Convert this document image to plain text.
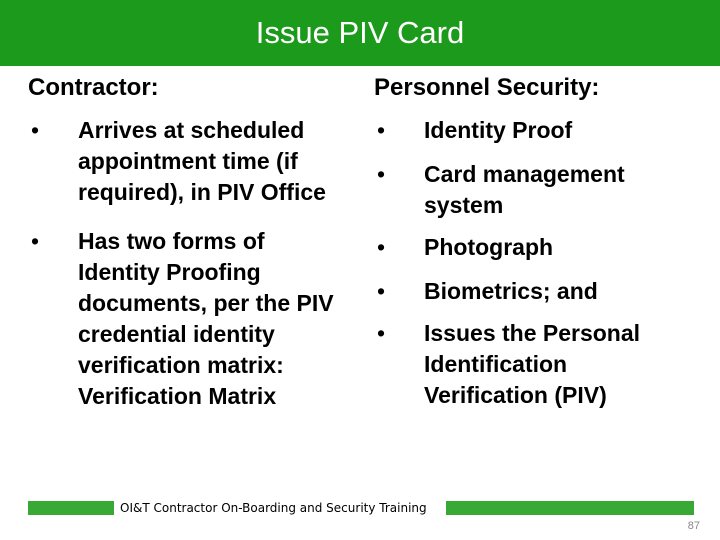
Issue PIV Card

Contractor:

• Arrives at scheduled appointment time (if required), in PIV Office
• Has two forms of Identity Proofing documents, per the PIV credential identity verification matrix: Verification Matrix

Personnel Security:

• Identity Proof
• Card management system
• Photograph
• Biometrics; and
• Issues the Personal Identification Verification (PIV)
OI&T Contractor On-Boarding and Security Training
87
